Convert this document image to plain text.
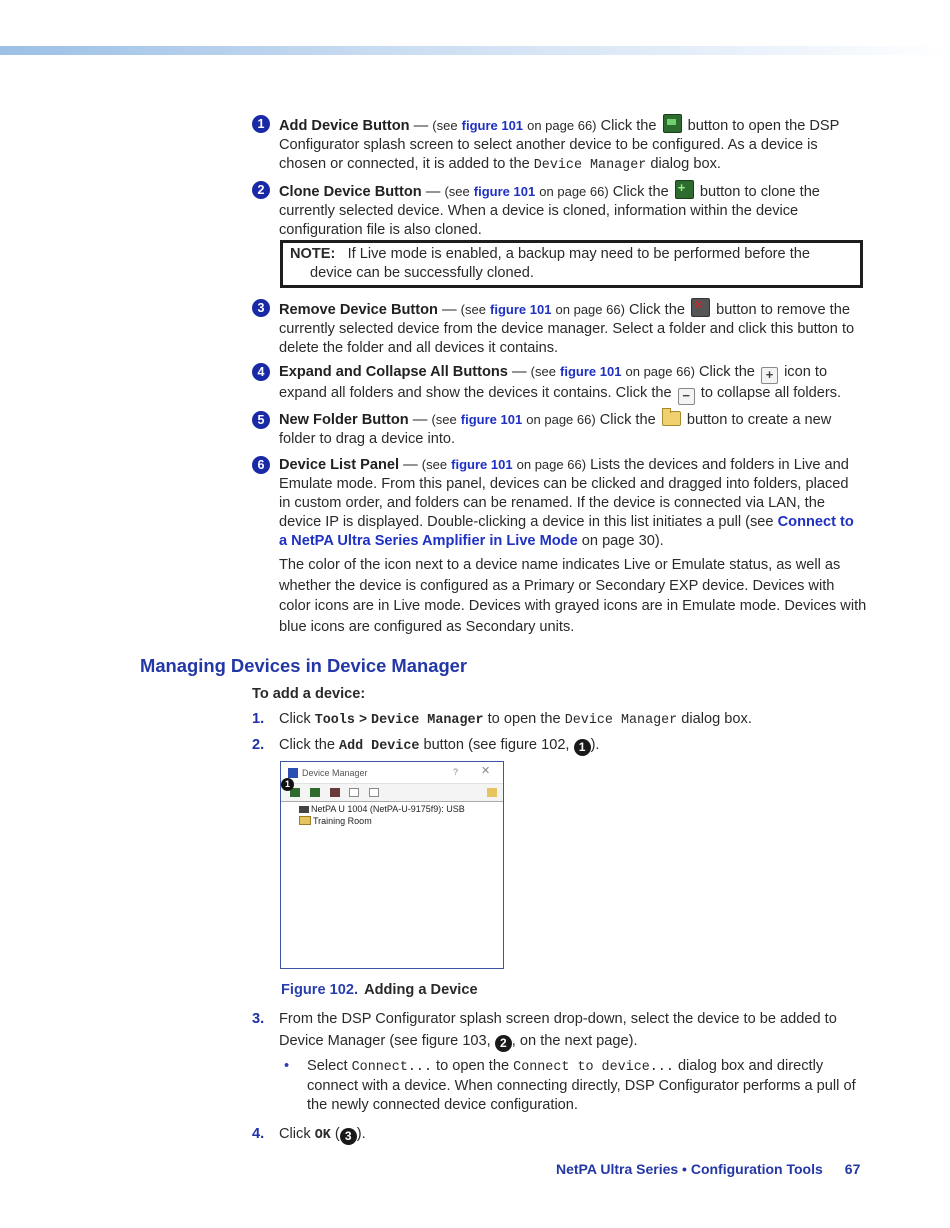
1 Add Device Button — (see figure 101 on page 66) Click the button to open the DSP Configurator splash screen to select another device to be configured. As a device is chosen or connected, it is added to the Device Manager dialog box.
2 Clone Device Button — (see figure 101 on page 66) Click the + button to clone the currently selected device. When a device is cloned, information within the device configuration file is also cloned.
NOTE: If Live mode is enabled, a backup may need to be performed before the
device can be successfully cloned.
3 Remove Device Button — (see figure 101 on page 66) Click the ✕ button to remove the currently selected device from the device manager. Select a folder and click this button to delete the folder and all devices it contains.
4 Expand and Collapse All Buttons — (see figure 101 on page 66) Click the + icon to expand all folders and show the devices it contains. Click the − to collapse all folders.
5 New Folder Button — (see figure 101 on page 66) Click the button to create a new folder to drag a device into.
6 Device List Panel — (see figure 101 on page 66) Lists the devices and folders in Live and Emulate mode. From this panel, devices can be clicked and dragged into folders, placed in custom order, and folders can be renamed. If the device is connected via LAN, the device IP is displayed. Double-clicking a device in this list initiates a pull (see Connect to a NetPA Ultra Series Amplifier in Live Mode on page 30).
The color of the icon next to a device name indicates Live or Emulate status, as well as whether the device is configured as a Primary or Secondary EXP device. Devices with color icons are in Live mode. Devices with grayed icons are in Emulate mode. Devices with blue icons are configured as Secondary units.
Managing Devices in Device Manager
To add a device:
1. Click Tools > Device Manager to open the Device Manager dialog box.
2. Click the Add Device button (see figure 102, 1 ).
Device Manager	? ✕
1
NetPA U 1004 (NetPA-U-9175f9): USB
Training Room
Figure 102. Adding a Device
3. From the DSP Configurator splash screen drop-down, select the device to be added to Device Manager (see figure 103, 2 , on the next page).
• Select Connect... to open the Connect to device... dialog box and directly connect with a device. When connecting directly, DSP Configurator performs a pull of the newly connected device configuration.
4. Click OK ( 3 ).
NetPA Ultra Series • Configuration Tools 67
